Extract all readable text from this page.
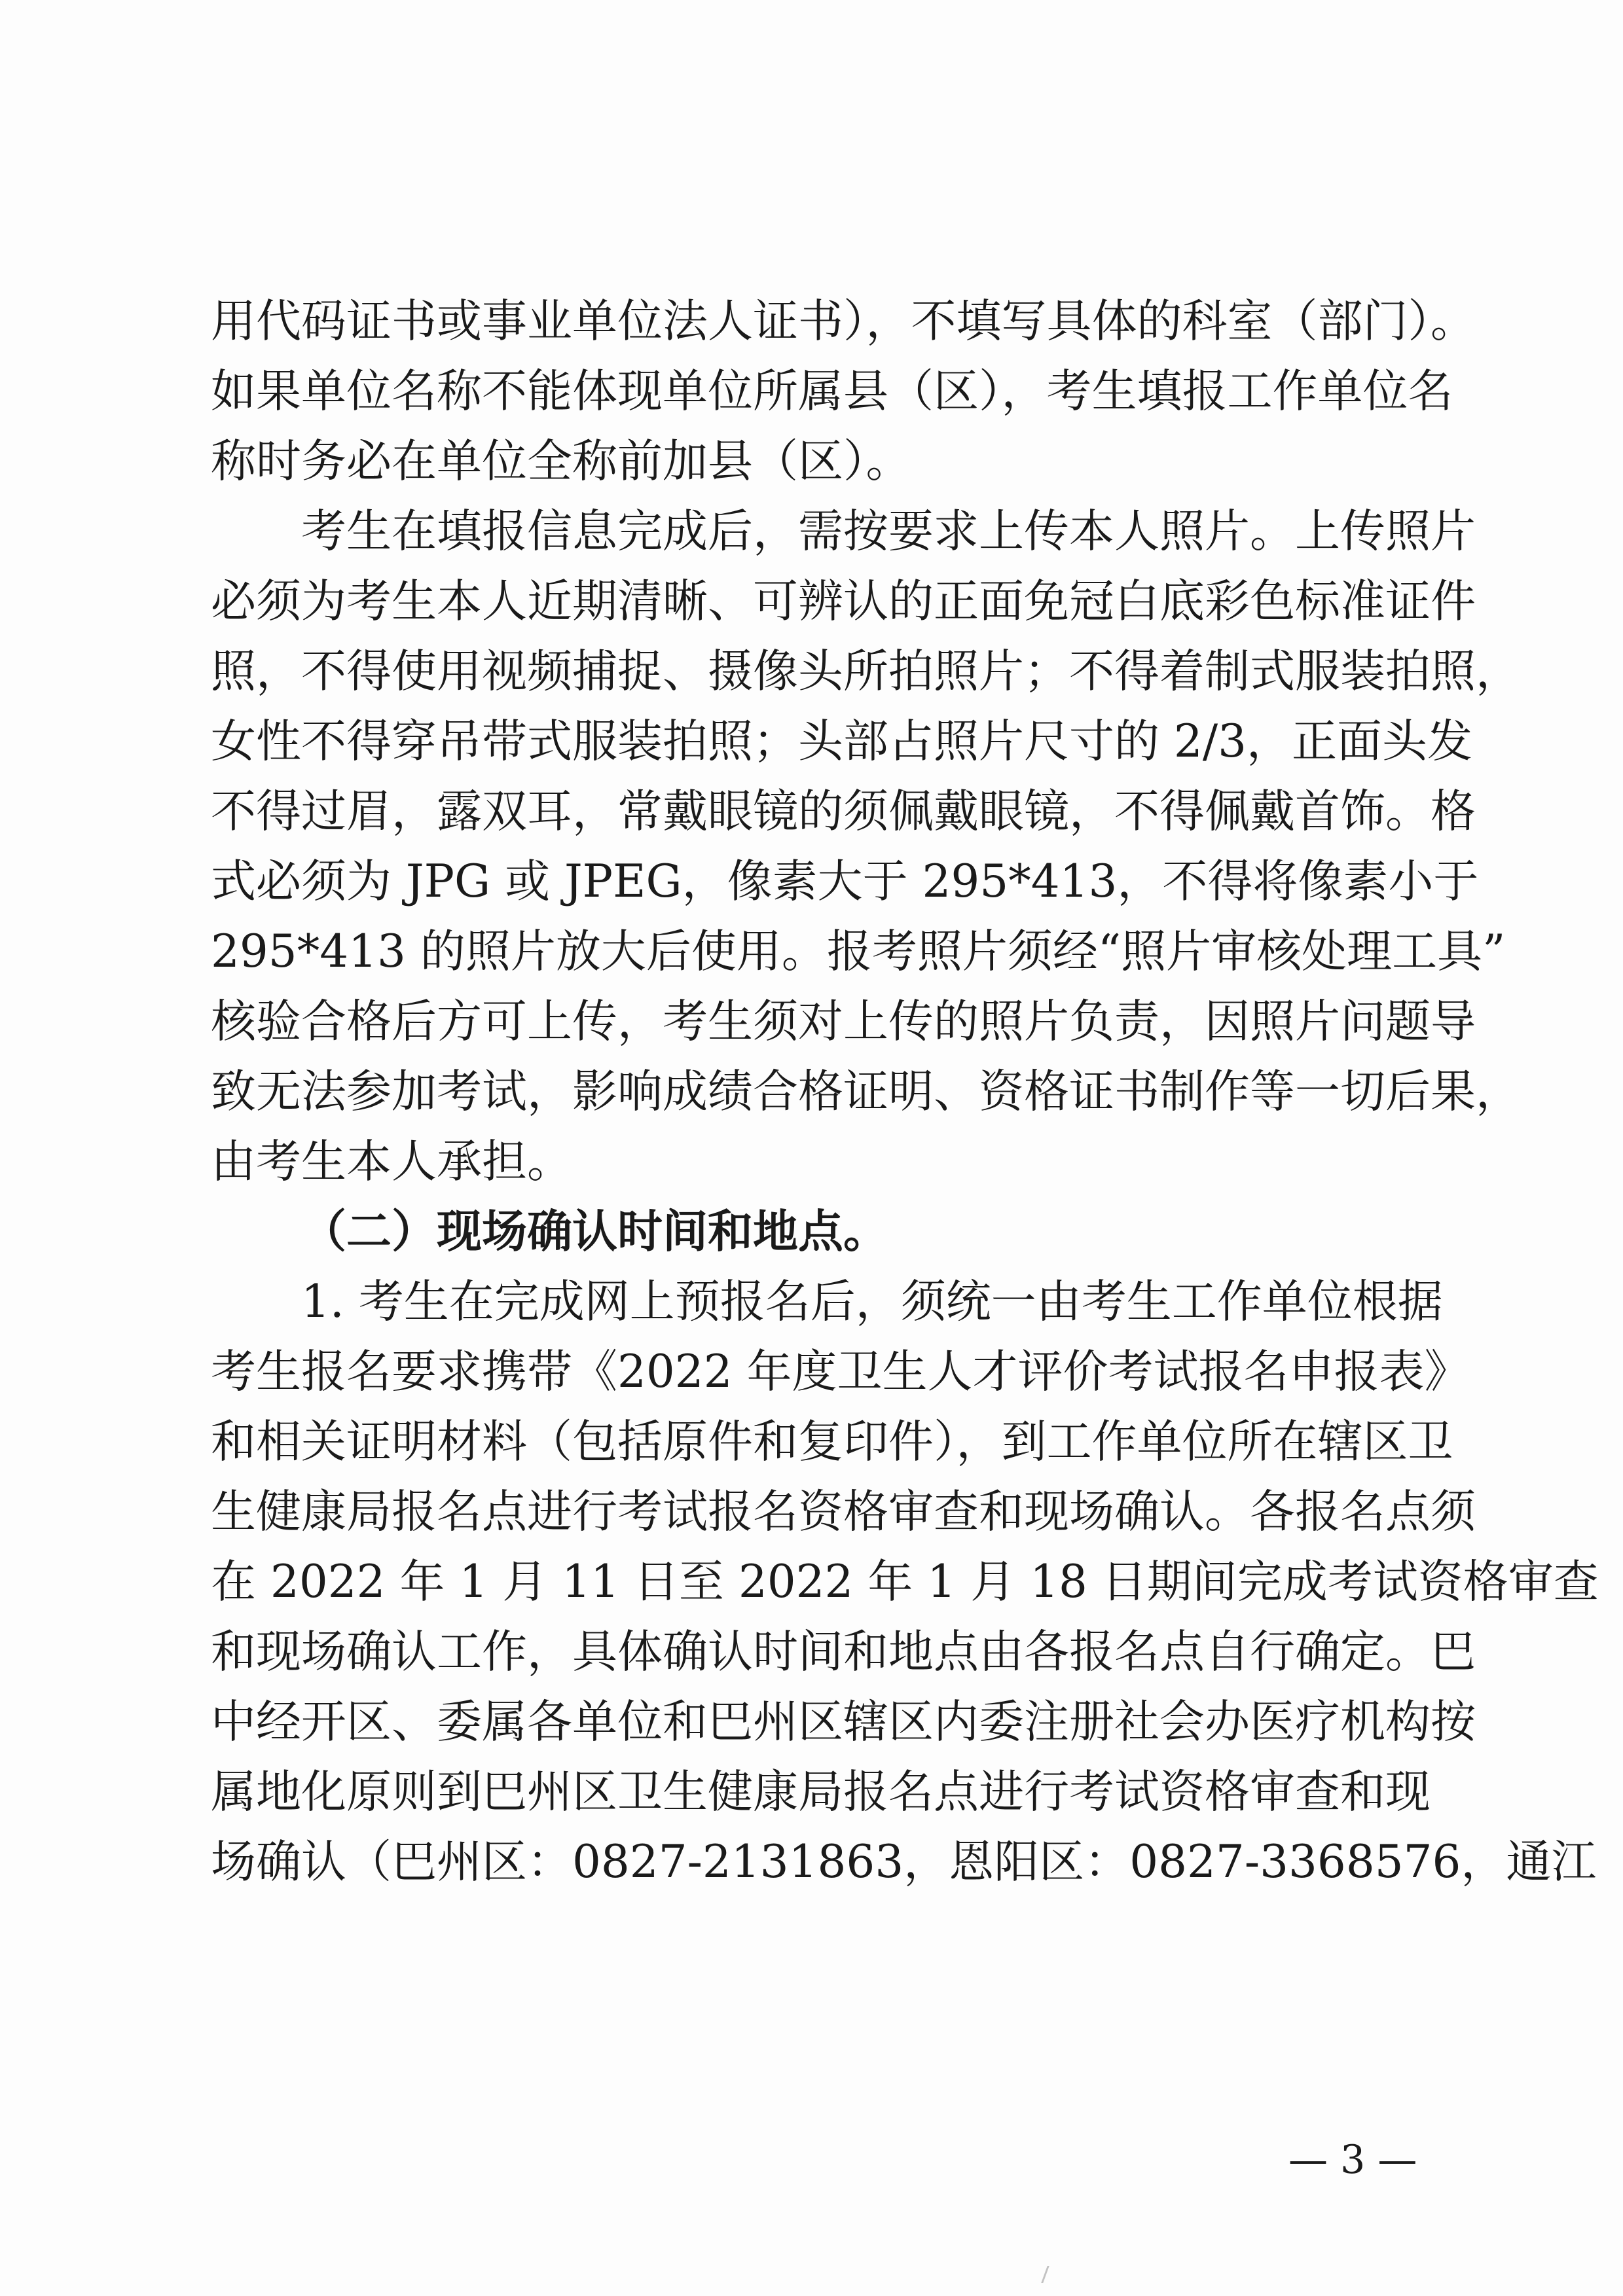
用代码证书或事业单位法人证书），不填写具体的科室（部门）。
如果单位名称不能体现单位所属县（区），考生填报工作单位名
称时务必在单位全称前加县（区）。

考生在填报信息完成后，需按要求上传本人照片。上传照片
必须为考生本人近期清晰、可辨认的正面免冠白底彩色标准证件
照，不得使用视频捕捉、摄像头所拍照片；不得着制式服装拍照，
女性不得穿吊带式服装拍照；头部占照片尺寸的 2/3，正面头发
不得过眉，露双耳，常戴眼镜的须佩戴眼镜，不得佩戴首饰。格
式必须为 JPG 或 JPEG，像素大于 295*413，不得将像素小于
295*413 的照片放大后使用。报考照片须经“照片审核处理工具”
核验合格后方可上传，考生须对上传的照片负责，因照片问题导
致无法参加考试，影响成绩合格证明、资格证书制作等一切后果，
由考生本人承担。

（二）现场确认时间和地点。

1. 考生在完成网上预报名后，须统一由考生工作单位根据
考生报名要求携带《2022 年度卫生人才评价考试报名申报表》
和相关证明材料（包括原件和复印件），到工作单位所在辖区卫
生健康局报名点进行考试报名资格审查和现场确认。各报名点须
在 2022 年 1 月 11 日至 2022 年 1 月 18 日期间完成考试资格审查
和现场确认工作，具体确认时间和地点由各报名点自行确定。巴
中经开区、委属各单位和巴州区辖区内委注册社会办医疗机构按
属地化原则到巴州区卫生健康局报名点进行考试资格审查和现
场确认（巴州区：0827-2131863，恩阳区：0827-3368576，通江

— 3 —
